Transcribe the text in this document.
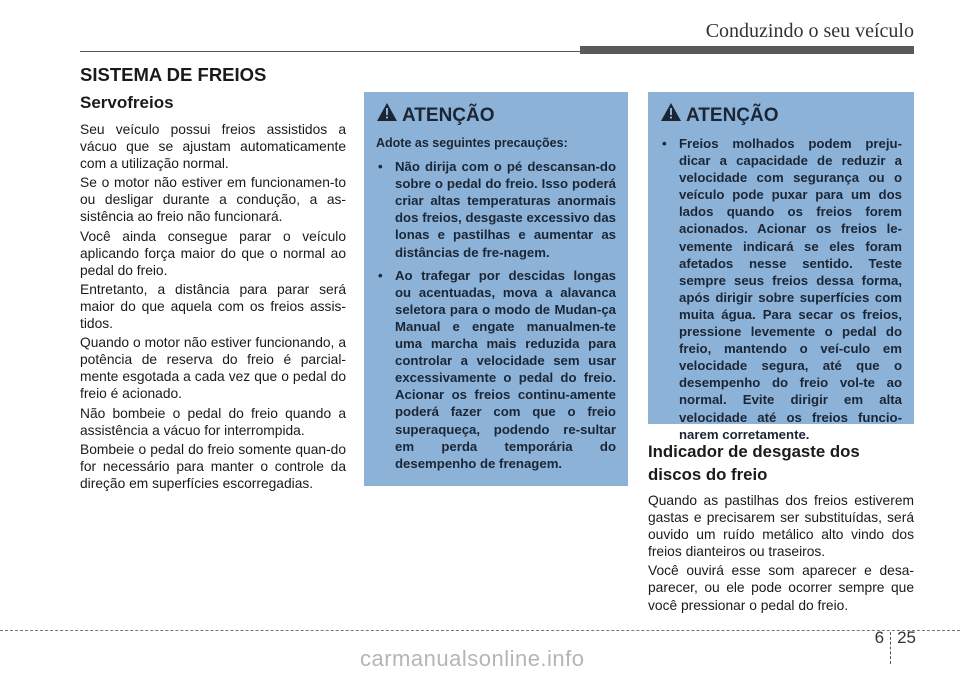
Conduzindo o seu veículo
SISTEMA DE FREIOS
Servofreios

Seu veículo possui freios assistidos a vácuo que se ajustam automaticamente com a utilização normal.

Se o motor não estiver em funcionamen-to ou desligar durante a condução, a as-sistência ao freio não funcionará.

Você ainda consegue parar o veículo aplicando força maior do que o normal ao pedal do freio.

Entretanto, a distância para parar será maior do que aquela com os freios assis-tidos.

Quando o motor não estiver funcionando, a potência de reserva do freio é parcial-mente esgotada a cada vez que o pedal do freio é acionado.

Não bombeie o pedal do freio quando a assistência a vácuo for interrompida.

Bombeie o pedal do freio somente quan-do for necessário para manter o controle da direção em superfícies escorregadias.

ATENÇÃO
Adote as seguintes precauções:
• Não dirija com o pé descansan-do sobre o pedal do freio. Isso poderá criar altas temperaturas anormais dos freios, desgaste excessivo das lonas e pastilhas e aumentar as distâncias de fre-nagem.
• Ao trafegar por descidas longas ou acentuadas, mova a alavanca seletora para o modo de Mudan-ça Manual e engate manualmen-te uma marcha mais reduzida para controlar a velocidade sem usar excessivamente o pedal do freio. Acionar os freios continu-amente poderá fazer com que o freio superaqueça, podendo re-sultar em perda temporária do desempenho de frenagem.
ATENÇÃO
• Freios molhados podem preju-dicar a capacidade de reduzir a velocidade com segurança ou o veículo pode puxar para um dos lados quando os freios forem acionados. Acionar os freios le-vemente indicará se eles foram afetados nesse sentido. Teste sempre seus freios dessa forma, após dirigir sobre superfícies com muita água. Para secar os freios, pressione levemente o pedal do freio, mantendo o veí-culo em velocidade segura, até que o desempenho do freio vol-te ao normal. Evite dirigir em alta velocidade até os freios funcio-narem corretamente.
Indicador de desgaste dos discos do freio

Quando as pastilhas dos freios estiverem gastas e precisarem ser substituídas, será ouvido um ruído metálico alto vindo dos freios dianteiros ou traseiros.

Você ouvirá esse som aparecer e desa-parecer, ou ele pode ocorrer sempre que você pressionar o pedal do freio.

6 25
carmanualsonline.info
